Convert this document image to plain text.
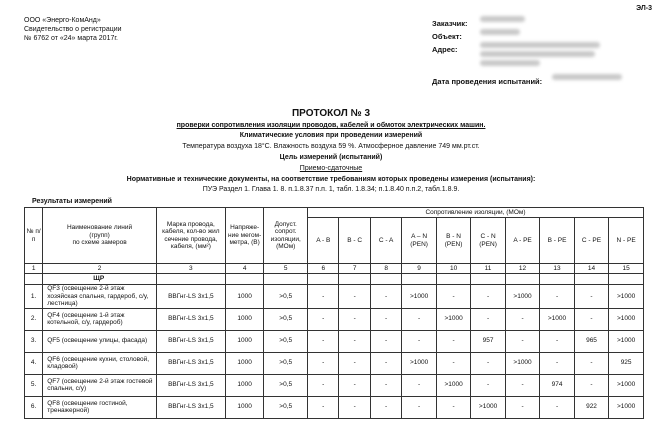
ЭЛ-3
ООО «Энерго-КомАнд»
Свидетельство о регистрации
№ 6762 от «24» марта 2017г.
Заказчик:
Объект:
Адрес:
Дата проведения испытаний:
ПРОТОКОЛ № 3
проверки сопротивления изоляции проводов, кабелей и обмоток электрических машин.
Климатические условия при проведении измерений
Температура воздуха 18°С. Влажность воздуха 59 %. Атмосферное давление 749 мм.рт.ст.
Цель измерений (испытаний)
Приемо-сдаточные
Нормативные и технические документы, на соответствие требованиям которых проведены измерения (испытания):
ПУЭ Раздел 1. Глава 1. 8. п.1.8.37 п.п. 1, табл. 1.8.34; п.1.8.40 п.п.2, табл.1.8.9.
Результаты измерений
№ п/п	Наименование линий
(групп)
по схеме замеров	Марка провода, кабеля, кол-во жил сечение провода, кабеля, (мм²)	Напряже-ние мегом-метра, (В)	Допуст. сопрот. изоляции, (МОм)	Сопротивление изоляции, (МОм)									
					A - B	B - C	C - A	A – N (PEN)	B - N (PEN)	C - N (PEN)	A - PE	B - PE	C - PE	N - PE
1	2	3	4	5	6	7	8	9	10	11	12	13	14	15
	ЩР													
1.	QF3 (освещение 2-й этаж хозяйская спальня, гардероб, с/у, лестница)	ВВГнг-LS 3х1,5	1000	>0,5	-	-	-	>1000	-	-	>1000	-	-	>1000
2.	QF4 (освещение 1-й этаж котельной, с/у, гардероб)	ВВГнг-LS 3х1,5	1000	>0,5	-	-	-	-	>1000	-	-	>1000	-	>1000
3.	QF5 (освещение улицы, фасада)	ВВГнг-LS 3х1,5	1000	>0,5	-	-	-	-	-	957	-	-	965	>1000
4.	QF6 (освещение кухни, столовой, кладовой)	ВВГнг-LS 3х1,5	1000	>0,5	-	-	-	>1000	-	-	>1000	-	-	925
5.	QF7 (освещение 2-й этаж гостевой спальни, с/у)	ВВГнг-LS 3х1,5	1000	>0,5	-	-	-	-	>1000	-	-	974	-	>1000
6.	QF8 (освещение гостиной, тренажерной)	ВВГнг-LS 3х1,5	1000	>0,5	-	-	-	-	-	>1000	-	-	922	>1000
